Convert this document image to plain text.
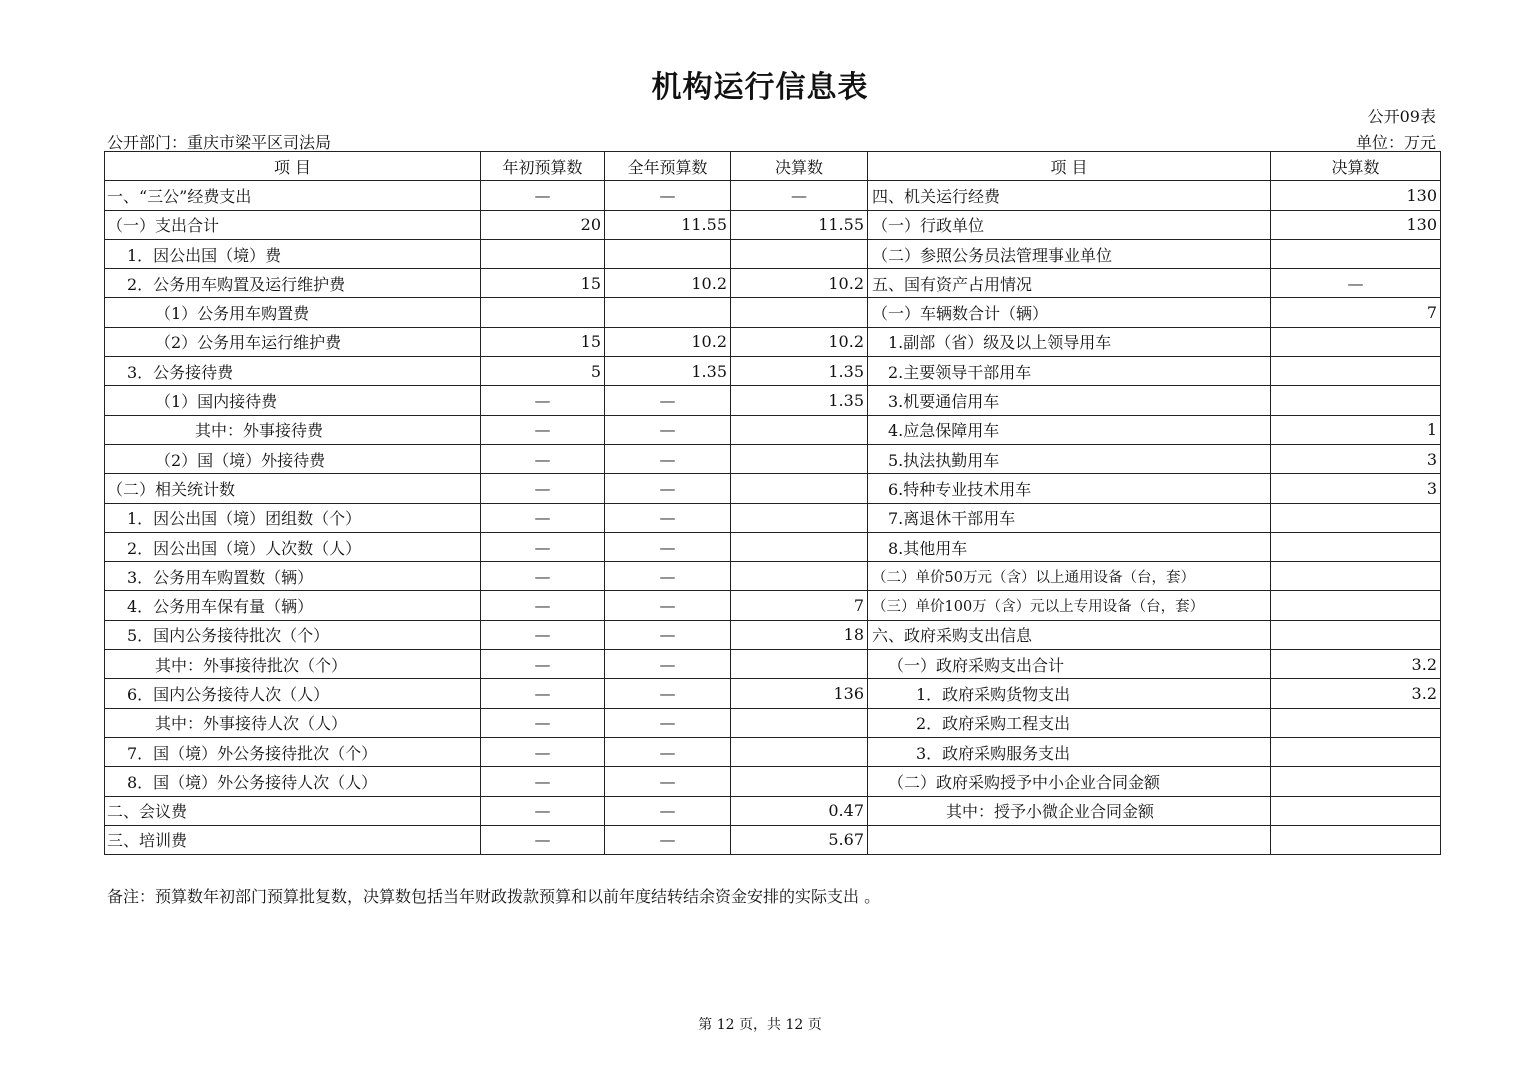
机构运行信息表
公开09表
公开部门：重庆市梁平区司法局	单位：万元
项 目	年初预算数	全年预算数	决算数	项 目	决算数
一、“三公”经费支出	—	—	—	四、机关运行经费	130
（一）支出合计	20	11.55	11.55	（一）行政单位	130
1．因公出国（境）费				（二）参照公务员法管理事业单位	
2．公务用车购置及运行维护费	15	10.2	10.2	五、国有资产占用情况	—
（1）公务用车购置费				（一）车辆数合计（辆）	7
（2）公务用车运行维护费	15	10.2	10.2	1.副部（省）级及以上领导用车	
3．公务接待费	5	1.35	1.35	2.主要领导干部用车	
（1）国内接待费	—	—	1.35	3.机要通信用车	
其中：外事接待费	—	—		4.应急保障用车	1
（2）国（境）外接待费	—	—		5.执法执勤用车	3
（二）相关统计数	—	—		6.特种专业技术用车	3
1．因公出国（境）团组数（个）	—	—		7.离退休干部用车	
2．因公出国（境）人次数（人）	—	—		8.其他用车	
3．公务用车购置数（辆）	—	—		（二）单价50万元（含）以上通用设备（台，套）	
4．公务用车保有量（辆）	—	—	7	（三）单价100万（含）元以上专用设备（台，套）	
5．国内公务接待批次（个）	—	—	18	六、政府采购支出信息	
其中：外事接待批次（个）	—	—		（一）政府采购支出合计	3.2
6．国内公务接待人次（人）	—	—	136	1．政府采购货物支出	3.2
其中：外事接待人次（人）	—	—		2．政府采购工程支出	
7．国（境）外公务接待批次（个）	—	—		3．政府采购服务支出	
8．国（境）外公务接待人次（人）	—	—		（二）政府采购授予中小企业合同金额	
二、会议费	—	—	0.47	其中：授予小微企业合同金额	
三、培训费	—	—	5.67		
备注：预算数年初部门预算批复数，决算数包括当年财政拨款预算和以前年度结转结余资金安排的实际支出 。
第 12 页，共 12 页
